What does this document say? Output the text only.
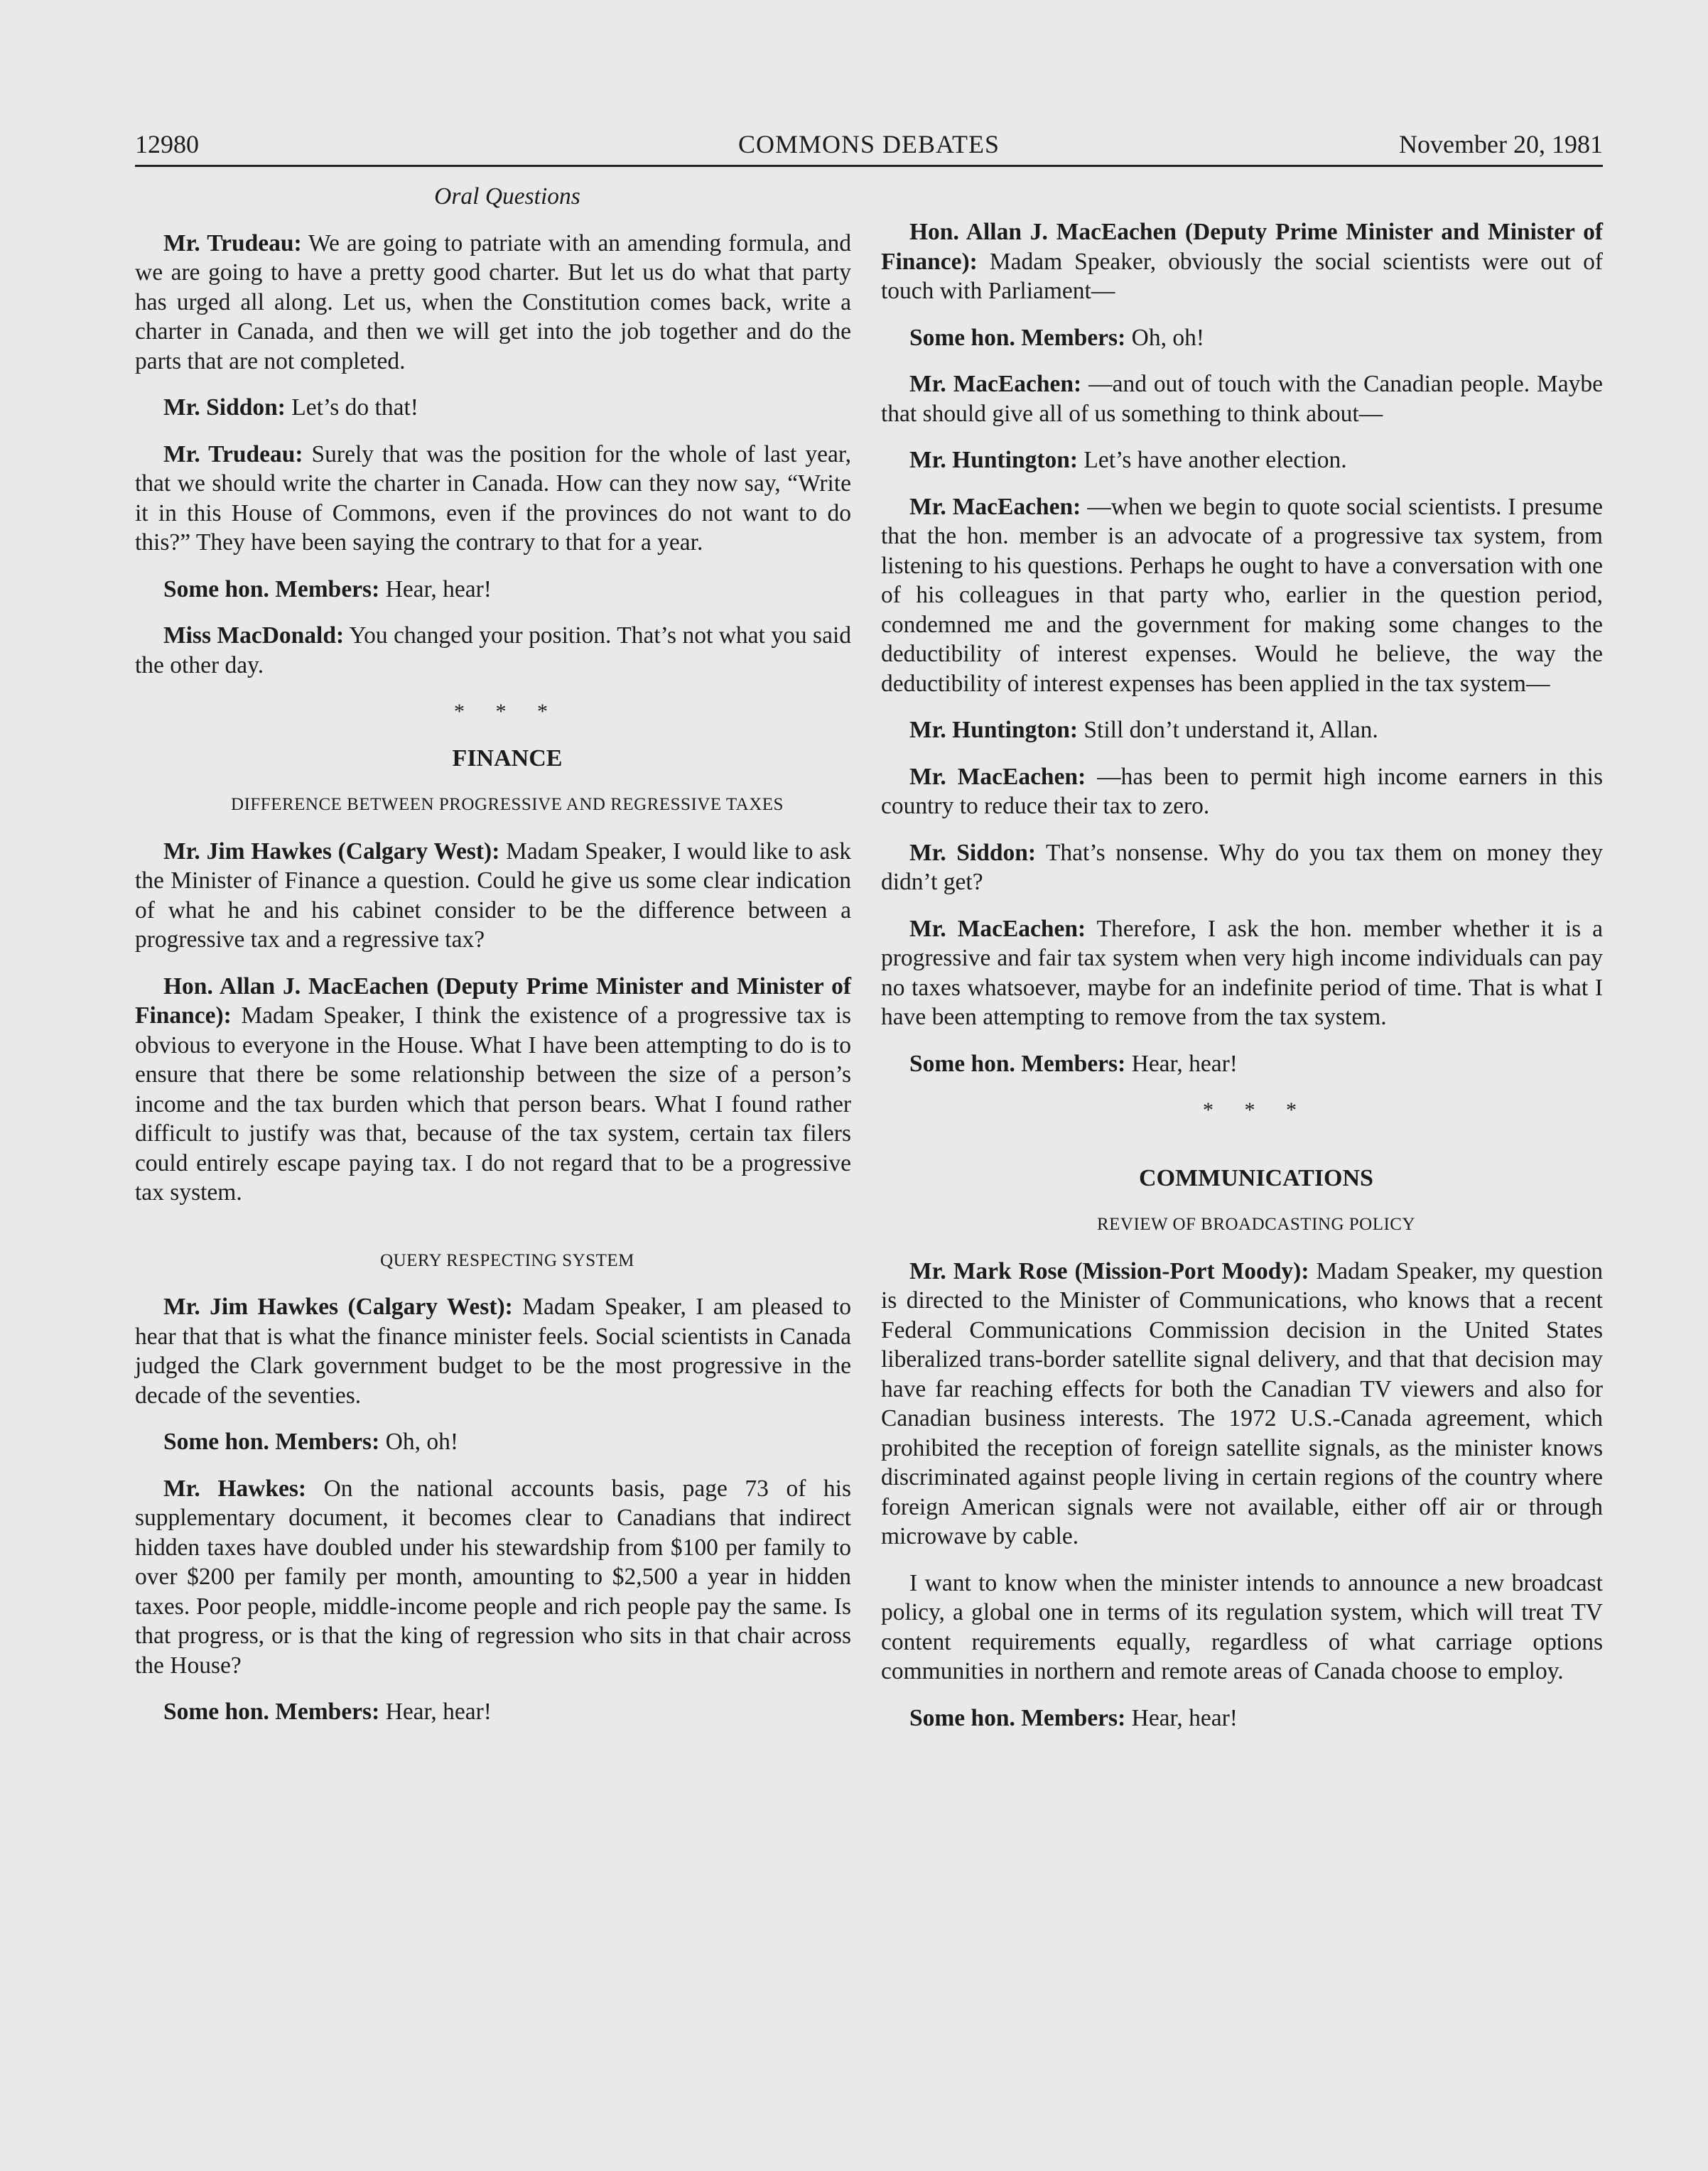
12980	COMMONS DEBATES	November 20, 1981

Oral Questions

Mr. Trudeau: We are going to patriate with an amending formula, and we are going to have a pretty good charter. But let us do what that party has urged all along. Let us, when the Constitution comes back, write a charter in Canada, and then we will get into the job together and do the parts that are not completed.

Mr. Siddon: Let’s do that!

Mr. Trudeau: Surely that was the position for the whole of last year, that we should write the charter in Canada. How can they now say, “Write it in this House of Commons, even if the provinces do not want to do this?” They have been saying the contrary to that for a year.

Some hon. Members: Hear, hear!

Miss MacDonald: You changed your position. That’s not what you said the other day.

* * *

FINANCE

DIFFERENCE BETWEEN PROGRESSIVE AND REGRESSIVE TAXES

Mr. Jim Hawkes (Calgary West): Madam Speaker, I would like to ask the Minister of Finance a question. Could he give us some clear indication of what he and his cabinet consider to be the difference between a progressive tax and a regressive tax?

Hon. Allan J. MacEachen (Deputy Prime Minister and Minister of Finance): Madam Speaker, I think the existence of a progressive tax is obvious to everyone in the House. What I have been attempting to do is to ensure that there be some relationship between the size of a person’s income and the tax burden which that person bears. What I found rather difficult to justify was that, because of the tax system, certain tax filers could entirely escape paying tax. I do not regard that to be a progressive tax system.

QUERY RESPECTING SYSTEM

Mr. Jim Hawkes (Calgary West): Madam Speaker, I am pleased to hear that that is what the finance minister feels. Social scientists in Canada judged the Clark government budget to be the most progressive in the decade of the seventies.

Some hon. Members: Oh, oh!

Mr. Hawkes: On the national accounts basis, page 73 of his supplementary document, it becomes clear to Canadians that indirect hidden taxes have doubled under his stewardship from $100 per family to over $200 per family per month, amounting to $2,500 a year in hidden taxes. Poor people, middle-income people and rich people pay the same. Is that progress, or is that the king of regression who sits in that chair across the House?

Some hon. Members: Hear, hear!

Hon. Allan J. MacEachen (Deputy Prime Minister and Minister of Finance): Madam Speaker, obviously the social scientists were out of touch with Parliament—

Some hon. Members: Oh, oh!

Mr. MacEachen: —and out of touch with the Canadian people. Maybe that should give all of us something to think about—

Mr. Huntington: Let’s have another election.

Mr. MacEachen: —when we begin to quote social scientists. I presume that the hon. member is an advocate of a progressive tax system, from listening to his questions. Perhaps he ought to have a conversation with one of his colleagues in that party who, earlier in the question period, condemned me and the government for making some changes to the deductibility of interest expenses. Would he believe, the way the deductibility of interest expenses has been applied in the tax system—

Mr. Huntington: Still don’t understand it, Allan.

Mr. MacEachen: —has been to permit high income earners in this country to reduce their tax to zero.

Mr. Siddon: That’s nonsense. Why do you tax them on money they didn’t get?

Mr. MacEachen: Therefore, I ask the hon. member whether it is a progressive and fair tax system when very high income individuals can pay no taxes whatsoever, maybe for an indefinite period of time. That is what I have been attempting to remove from the tax system.

Some hon. Members: Hear, hear!

* * *

COMMUNICATIONS

REVIEW OF BROADCASTING POLICY

Mr. Mark Rose (Mission-Port Moody): Madam Speaker, my question is directed to the Minister of Communications, who knows that a recent Federal Communications Commission decision in the United States liberalized trans-border satellite signal delivery, and that that decision may have far reaching effects for both the Canadian TV viewers and also for Canadian business interests. The 1972 U.S.-Canada agreement, which prohibited the reception of foreign satellite signals, as the minister knows discriminated against people living in certain regions of the country where foreign American signals were not available, either off air or through microwave by cable.

I want to know when the minister intends to announce a new broadcast policy, a global one in terms of its regulation system, which will treat TV content requirements equally, regardless of what carriage options communities in northern and remote areas of Canada choose to employ.

Some hon. Members: Hear, hear!
